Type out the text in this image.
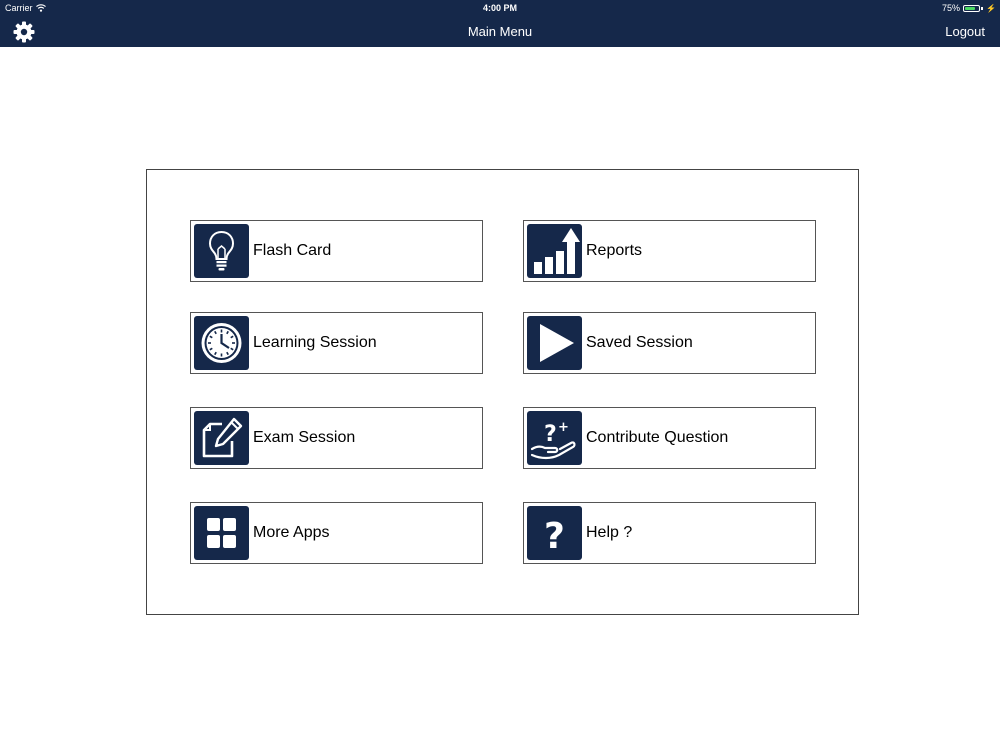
Carrier	4:00 PM	75%	⚡
Main Menu	Logout
Flash Card	Reports
Learning Session	Saved Session
Exam Session	? +
Contribute Question
More Apps	? Help ?
